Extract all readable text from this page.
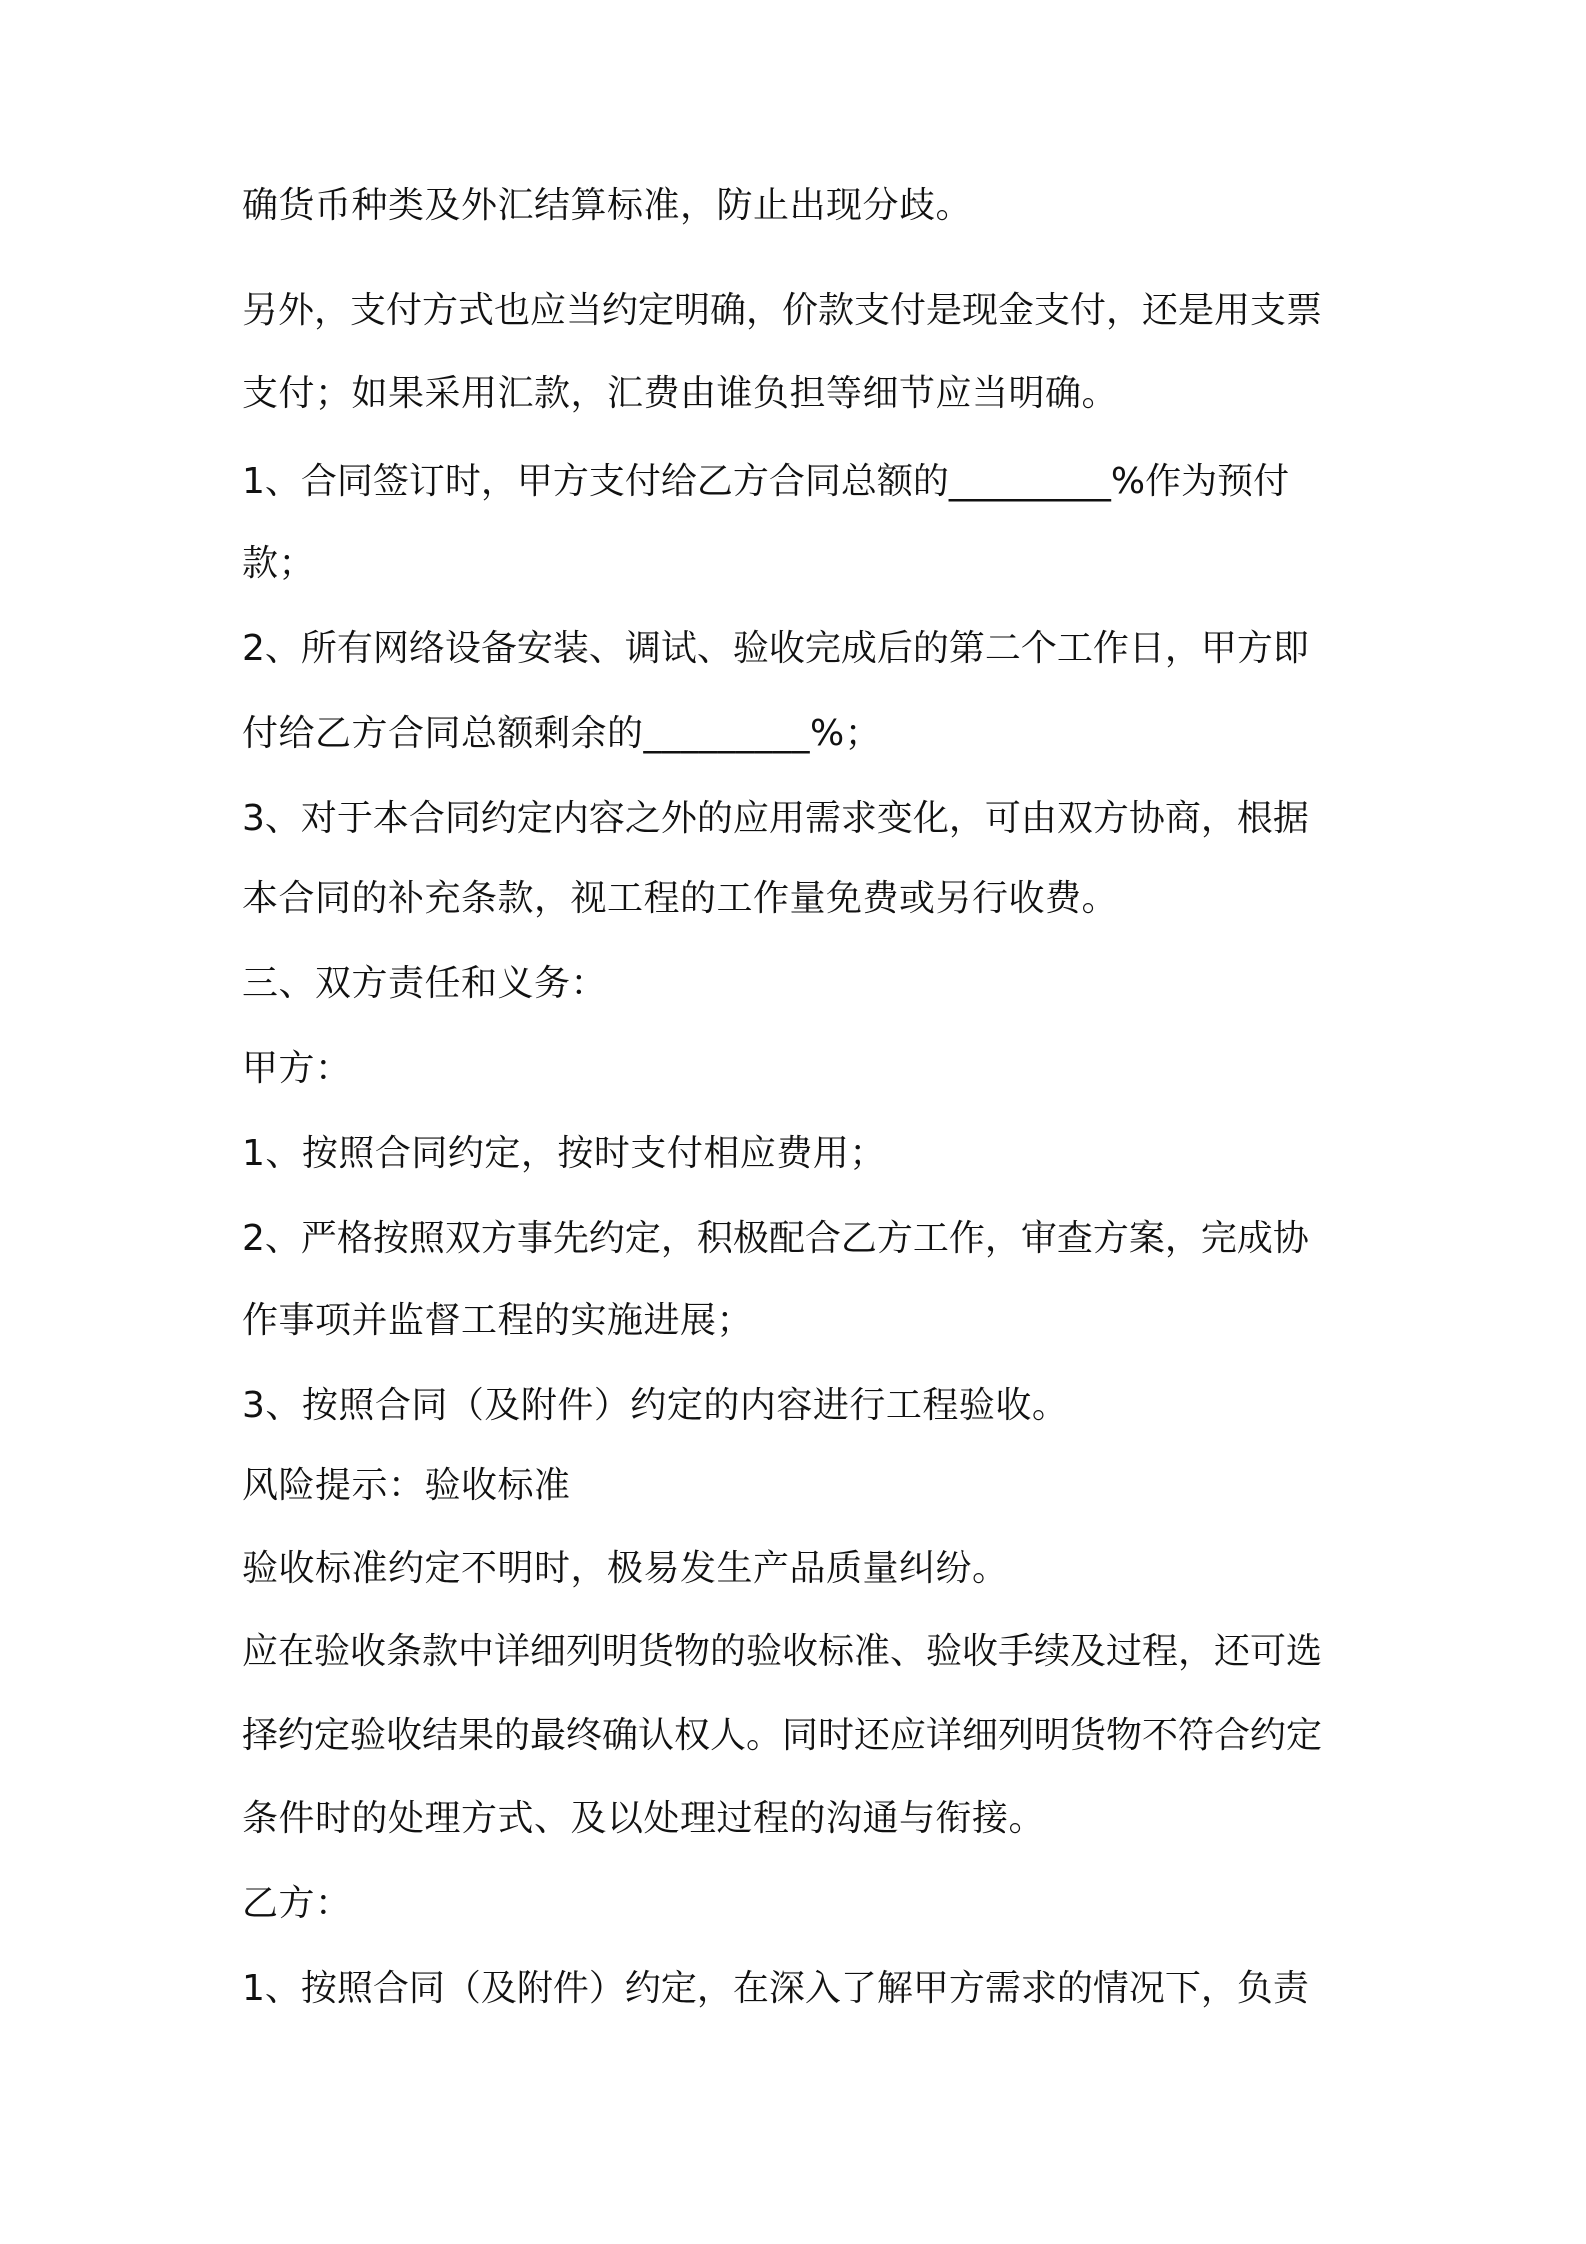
确货币种类及外汇结算标准，防止出现分歧。
另外，支付方式也应当约定明确，价款支付是现金支付，还是用支票
支付；如果采用汇款，汇费由谁负担等细节应当明确。
1、合同签订时，甲方支付给乙方合同总额的_________%作为预付
款；
2、所有网络设备安装、调试、验收完成后的第二个工作日，甲方即
付给乙方合同总额剩余的_________%；
3、对于本合同约定内容之外的应用需求变化，可由双方协商，根据
本合同的补充条款，视工程的工作量免费或另行收费。
三、双方责任和义务：
甲方：
1、按照合同约定，按时支付相应费用；
2、严格按照双方事先约定，积极配合乙方工作，审查方案，完成协
作事项并监督工程的实施进展；
3、按照合同（及附件）约定的内容进行工程验收。
风险提示：验收标准
验收标准约定不明时，极易发生产品质量纠纷。
应在验收条款中详细列明货物的验收标准、验收手续及过程，还可选
择约定验收结果的最终确认权人。同时还应详细列明货物不符合约定
条件时的处理方式、及以处理过程的沟通与衔接。
乙方：
1、按照合同（及附件）约定，在深入了解甲方需求的情况下，负责
